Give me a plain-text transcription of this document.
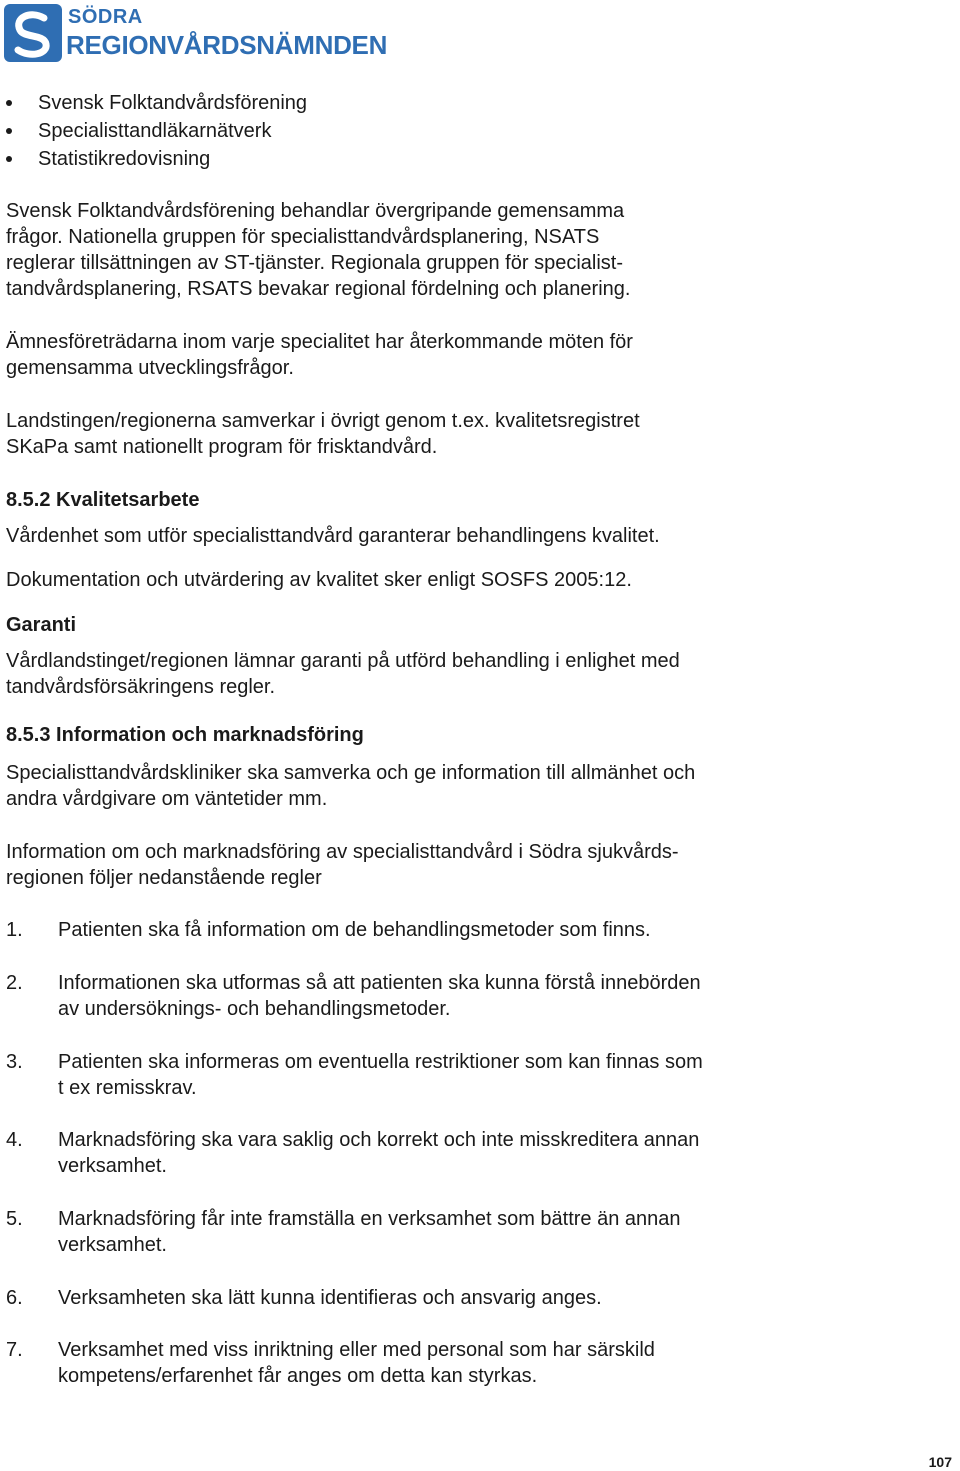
SÖDRA
REGIONVÅRDSNÄMNDEN
Svensk Folktandvårdsförening
Specialisttandläkarnätverk
Statistikredovisning

Svensk Folktandvårdsförening behandlar övergripande gemensamma

frågor. Nationella gruppen för specialisttandvårdsplanering, NSATS

reglerar tillsättningen av ST-tjänster. Regionala gruppen för specialist-

tandvårdsplanering, RSATS bevakar regional fördelning och planering.

Ämnesföreträdarna inom varje specialitet har återkommande möten för

gemensamma utvecklingsfrågor.

Landstingen/regionerna samverkar i övrigt genom t.ex. kvalitetsregistret

SKaPa samt nationellt program för frisktandvård.

8.5.2 Kvalitetsarbete
Vårdenhet som utför specialisttandvård garanterar behandlingens kvalitet.
Dokumentation och utvärdering av kvalitet sker enligt SOSFS 2005:12.
Garanti

Vårdlandstinget/regionen lämnar garanti på utförd behandling i enlighet med

tandvårdsförsäkringens regler.

8.5.3 Information och marknadsföring

Specialisttandvårdskliniker ska samverka och ge information till allmänhet och

andra vårdgivare om väntetider mm.

Information om och marknadsföring av specialisttandvård i Södra sjukvårds-

regionen följer nedanstående regler

1. Patienten ska få information om de behandlingsmetoder som finns.
2. Informationen ska utformas så att patienten ska kunna förstå innebörden
av undersöknings- och behandlingsmetoder.
3. Patienten ska informeras om eventuella restriktioner som kan finnas som
t ex remisskrav.
4. Marknadsföring ska vara saklig och korrekt och inte misskreditera annan
verksamhet.
5. Marknadsföring får inte framställa en verksamhet som bättre än annan
verksamhet.
6. Verksamheten ska lätt kunna identifieras och ansvarig anges.
7. Verksamhet med viss inriktning eller med personal som har särskild
kompetens/erfarenhet får anges om detta kan styrkas.
107
